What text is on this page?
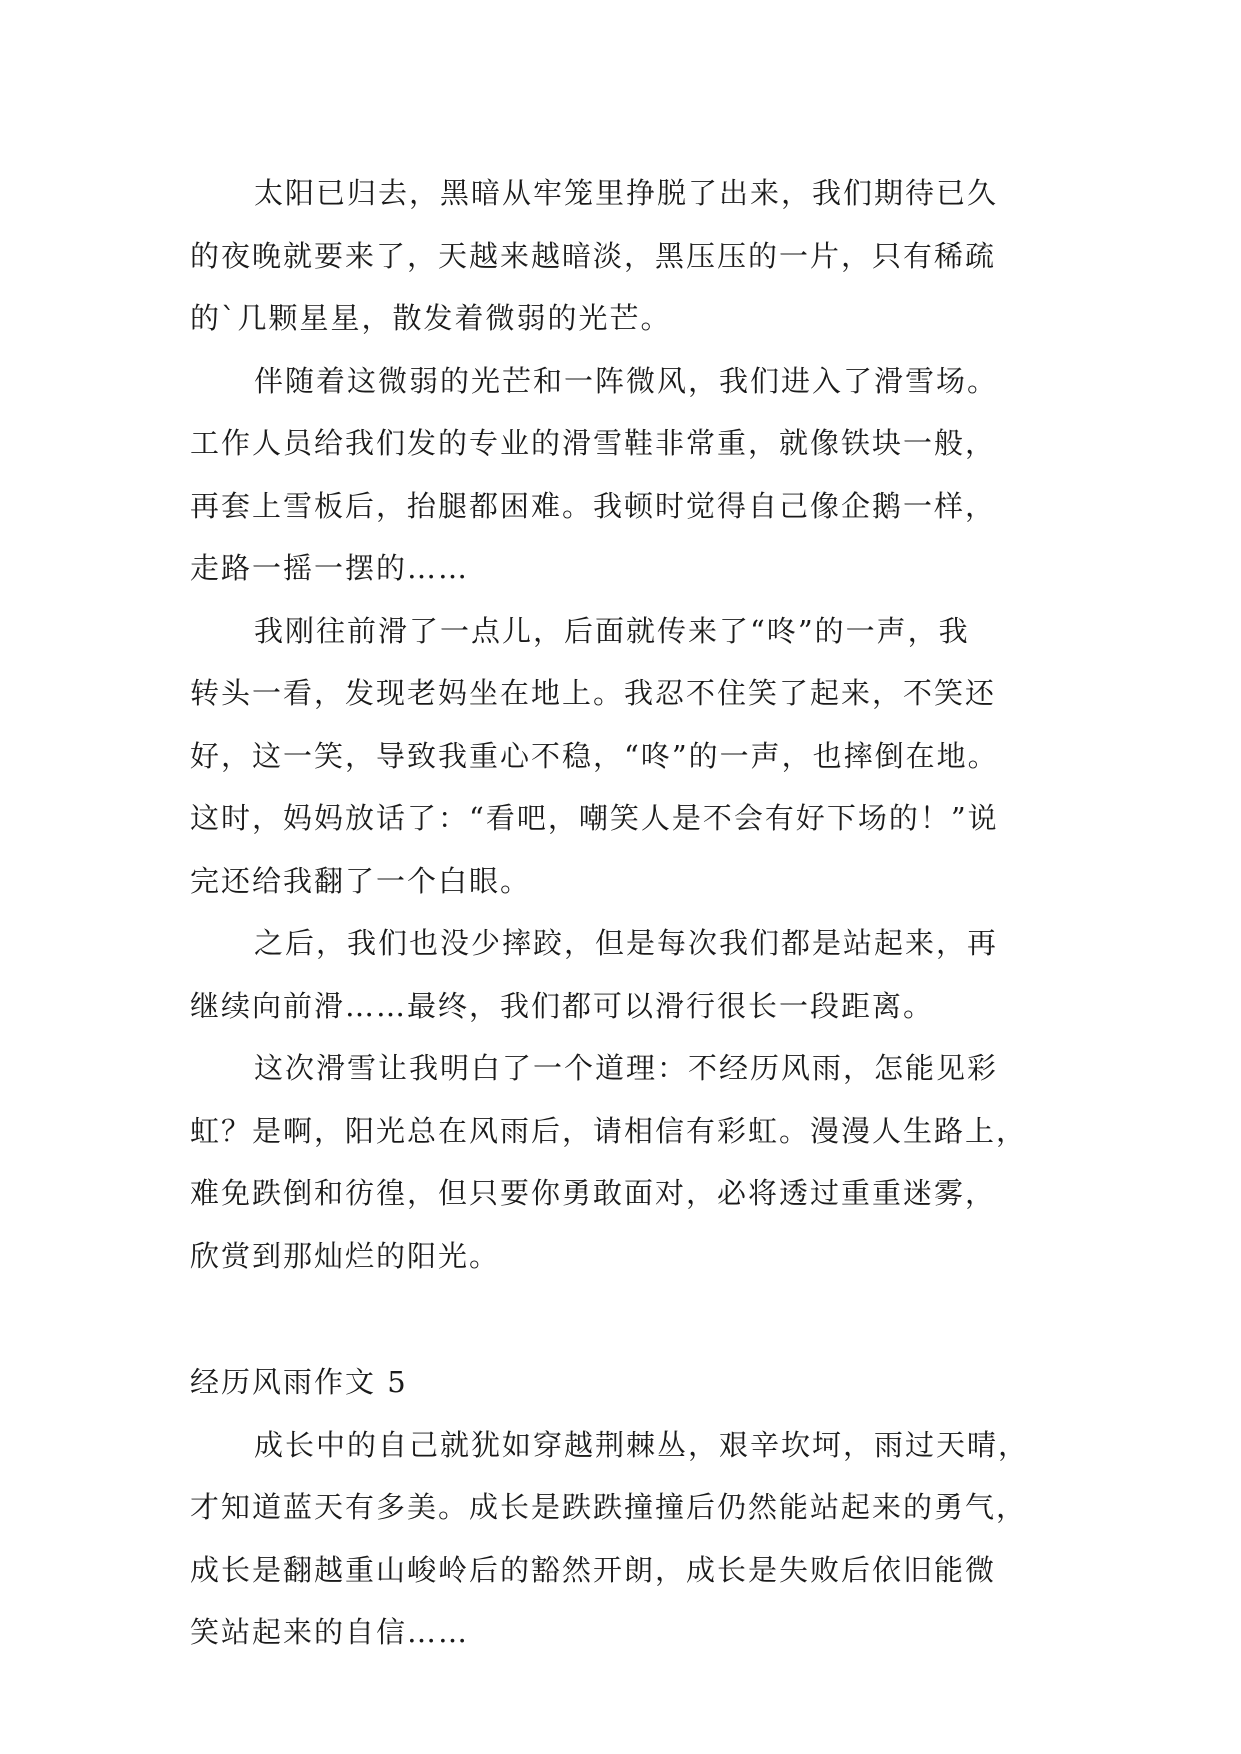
太阳已归去，黑暗从牢笼里挣脱了出来，我们期待已久
的夜晚就要来了，天越来越暗淡，黑压压的一片，只有稀疏
的`几颗星星，散发着微弱的光芒。
伴随着这微弱的光芒和一阵微风，我们进入了滑雪场。
工作人员给我们发的专业的滑雪鞋非常重，就像铁块一般，
再套上雪板后，抬腿都困难。我顿时觉得自己像企鹅一样，
走路一摇一摆的……
我刚往前滑了一点儿，后面就传来了“咚”的一声，我
转头一看，发现老妈坐在地上。我忍不住笑了起来，不笑还
好，这一笑，导致我重心不稳，“咚”的一声，也摔倒在地。
这时，妈妈放话了：“看吧，嘲笑人是不会有好下场的！”说
完还给我翻了一个白眼。
之后，我们也没少摔跤，但是每次我们都是站起来，再
继续向前滑……最终，我们都可以滑行很长一段距离。
这次滑雪让我明白了一个道理：不经历风雨，怎能见彩
虹？是啊，阳光总在风雨后，请相信有彩虹。漫漫人生路上，
难免跌倒和彷徨，但只要你勇敢面对，必将透过重重迷雾，
欣赏到那灿烂的阳光。
经历风雨作文 5
成长中的自己就犹如穿越荆棘丛，艰辛坎坷，雨过天晴，
才知道蓝天有多美。成长是跌跌撞撞后仍然能站起来的勇气，
成长是翻越重山峻岭后的豁然开朗，成长是失败后依旧能微
笑站起来的自信……
